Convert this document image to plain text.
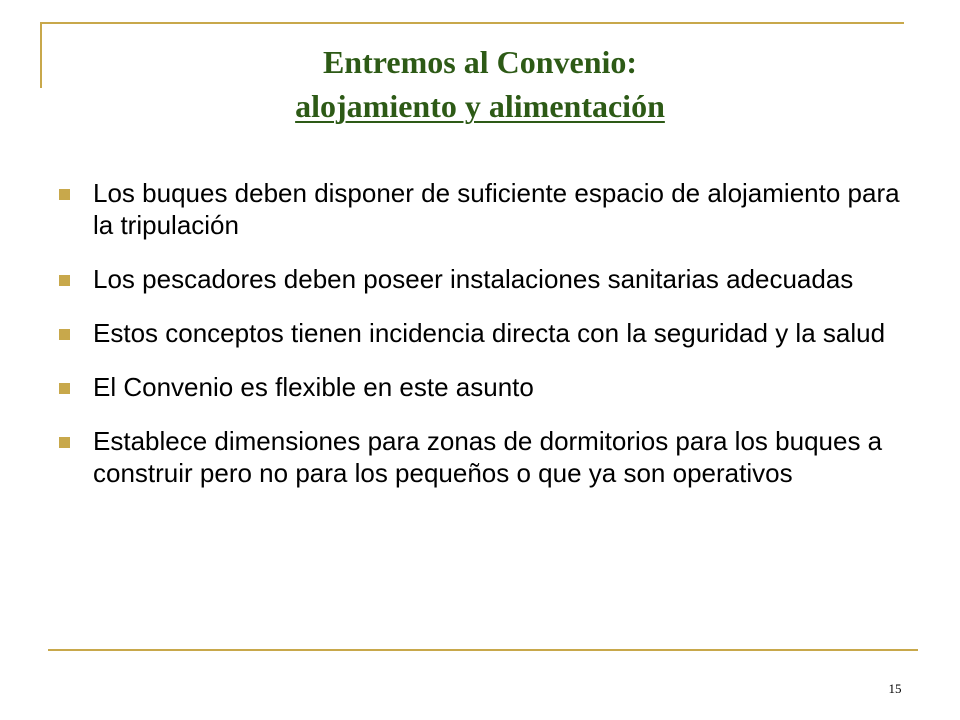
Entremos al Convenio:
alojamiento y alimentación
Los buques deben disponer de suficiente espacio de alojamiento para la tripulación
Los pescadores deben poseer instalaciones sanitarias adecuadas
Estos conceptos tienen incidencia directa con la seguridad y la salud
El Convenio es flexible en este asunto
Establece dimensiones para zonas de dormitorios para los buques a construir pero no para los pequeños o que ya son operativos
15
